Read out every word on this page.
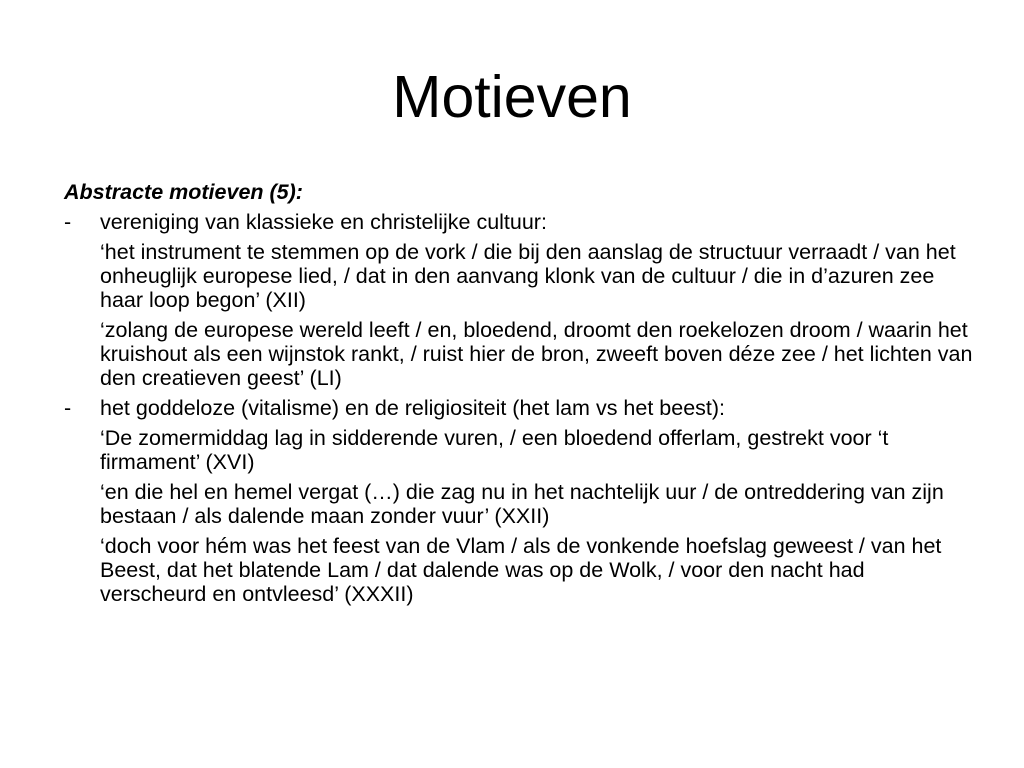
Motieven

Abstracte motieven (5):

- vereniging van klassieke en christelijke cultuur:

‘het instrument te stemmen op de vork / die bij den aanslag de structuur verraadt / van het onheuglijk europese lied, / dat in den aanvang klonk van de cultuur / die in d’azuren zee haar loop begon’ (XII)

‘zolang de europese wereld leeft / en, bloedend, droomt den roekelozen droom / waarin het kruishout als een wijnstok rankt, / ruist hier de bron, zweeft boven déze zee / het lichten van den creatieven geest’ (LI)

- het goddeloze (vitalisme) en de religiositeit (het lam vs het beest):

‘De zomermiddag lag in sidderende vuren, / een bloedend offerlam, gestrekt voor ‘t firmament’ (XVI)

‘en die hel en hemel vergat (…) die zag nu in het nachtelijk uur / de ontreddering van zijn bestaan / als dalende maan zonder vuur’ (XXII)

‘doch voor hém was het feest van de Vlam / als de vonkende hoefslag geweest / van het Beest, dat het blatende Lam / dat dalende was op de Wolk, / voor den nacht had verscheurd en ontvleesd’ (XXXII)
